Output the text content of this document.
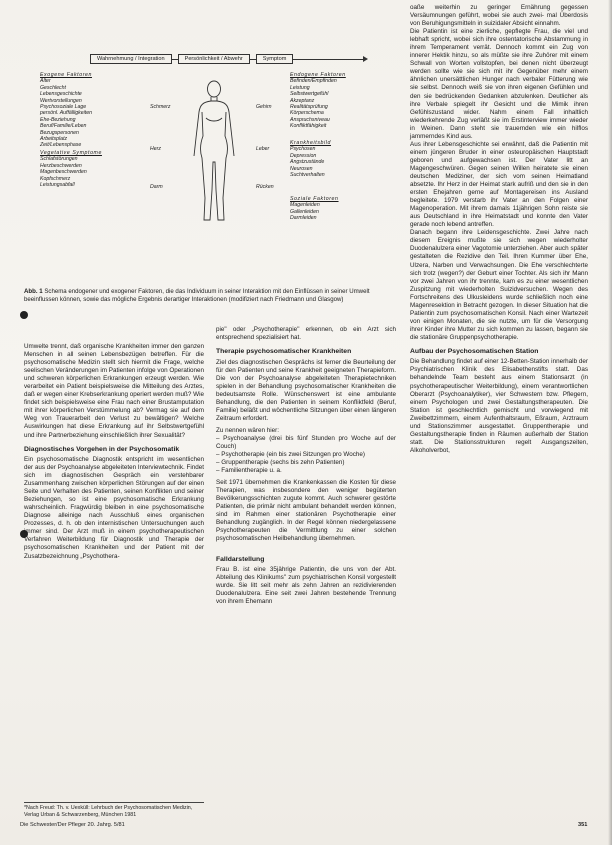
Wahrnehmung / Integration	Persönlichkeit / Abwehr	Symptom
Exogene Faktoren
Alter
Geschlecht
Lebensgeschichte
Wertvorstellungen
Psychosoziale Lage
persönl. Auffälligkeiten
Ehe-Beziehung
Beruf/Familie/Leben
Bezugspersonen
Arbeitsplatz
Zeit/Lebensphase
Vegetative Symptome
Schlafstörungen
Herzbeschwerden
Magenbeschwerden
Kopfschmerz
Leistungsabfall
Endogene Faktoren
Befinden/Empfinden
Leistung
Selbstwertgefühl
Akzeptanz
Realitätsprüfung
Körperschema
Anspruchsniveau
Konfliktfähigkeit
Krankheitsbild
Psychosen
Depression
Angstzustände
Neurosen
Suchtverhalten
Soziale Faktoren
Magenleiden
Gallenleiden
Darmleiden
Schmerz	Gehirn
Herz	Leber
Darm	Rücken
Abb. 1 Schema endogener und exogener Faktoren, die das Individuum in seiner Interaktion mit den Einflüssen in seiner Umwelt beeinflussen können, sowie das mögliche Ergebnis derartiger Interaktionen (modifiziert nach Friedmann und Glasgow)

Umwelte trennt, daß organische Krankheiten immer den ganzen Menschen in all seinen Lebensbezügen betreffen. Für die psychosomatische Medizin stellt sich hiermit die Frage, welche seelischen Veränderungen im Patienten infolge von Operationen und schweren körperlichen Erkrankungen erzeugt werden. Wie verarbeitet ein Patient beispielsweise die Mitteilung des Arztes, daß er wegen einer Krebserkrankung operiert werden muß? Wie findet sich beispielsweise eine Frau nach einer Brustamputation mit ihrer körperlichen Verstümmelung ab? Vermag sie auf dem Weg von Trauerarbeit den Verlust zu bewältigen? Welche Auswirkungen hat diese Erkrankung auf ihr Selbstwertgefühl und ihre Partnerbeziehung einschließlich ihrer Sexualität?

Diagnostisches Vorgehen in der Psychosomatik

Ein psychosomatische Diagnostik entspricht im wesentlichen der aus der Psychoanalyse abgeleiteten Interviewtechnik. Findet sich im diagnostischen Gespräch ein verstehbarer Zusammenhang zwischen körperlichen Störungen auf der einen Seite und Verhalten des Patienten, seinen Konflikten und seiner Beziehungen, so ist eine psychosomatische Erkrankung wahrscheinlich. Fragwürdig bleiben in eine psychosomatische Diagnose alleinige nach Ausschluß eines organischen Prozesses, d. h. ob den internistischen Untersuchungen auch immer sind. Der Arzt muß in einem psychotherapeutischen Verfahren Weiterbildung für Diagnostik und Therapie der psychosomatischen Krankheiten und der Patient mit der Zusatzbezeichnung „Psychothera-

pie" oder „Psychotherapie" erkennen, ob ein Arzt sich entsprechend spezialisiert hat.

Therapie psychosomatischer Krankheiten

Ziel des diagnostischen Gesprächs ist ferner die Beurteilung der für den Patienten und seine Krankheit geeigneten Therapieform. Die von der Psychoanalyse abgeleiteten Therapietechniken spielen in der Behandlung psychosomatischer Krankheiten die bedeutsamste Rolle. Wünschenswert ist eine ambulante Behandlung, die den Patienten in seinem Konfliktfeld (Beruf, Familie) beläßt und wöchentliche Sitzungen über einen längeren Zeitraum erfordert.

Zu nennen wären hier:

– Psychoanalyse (drei bis fünf Stunden pro Woche auf der Couch)
– Psychotherapie (ein bis zwei Sitzungen pro Woche)
– Gruppentherapie (sechs bis zehn Patienten)
– Familientherapie u. a.

Seit 1971 übernehmen die Krankenkassen die Kosten für diese Therapien, was insbesondere den weniger begüterten Bevölkerungsschichten zugute kommt. Auch schwerer gestörte Patienten, die primär nicht ambulant behandelt werden können, sind im Rahmen einer stationären Psychotherapie einer Behandlung zugänglich. In der Regel können niedergelassene Psychotherapeuten die Vermittlung zu einer solchen psychosomatischen Heilbehandlung übernehmen.

Falldarstellung

Frau B. ist eine 35jährige Patientin, die uns von der Abt. Abteilung des Klinikums" zum psychiatrischen Konsil vorgestellt wurde. Sie litt seit mehr als zehn Jahren an rezidivierenden Duodenalulzera. Eine seit zwei Jahren bestehende Trennung von ihrem Ehemann

oaße weiterhin zu geringer Ernährung gegessen Versäumnungen geführt, wobei sie auch zwei- mal Überdosis von Beruhigungsmitteln in suizidaler Absicht einnahm.

Die Patientin ist eine zierliche, gepflegte Frau, die viel und lebhaft spricht, wobei sich ihre ostentatorische Abstammung in ihrem Temperament verrät. Dennoch kommt ein Zug von innerer Hektik hinzu, so als müßte sie ihre Zuhörer mit einem Schwall von Worten vollstopfen, bei denen nicht überzeugt werden sollte wie sie sich mit ihr Gegenüber mehr einem ähnlichen unersättlichen Hunger nach verbaler Fütterung wie sie selbst. Dennoch weiß sie von ihren eigenen Gefühlen und den sie bedrückenden Gedanken abzulenken. Deutlicher als ihre Verbale spiegelt ihr Gesicht und die Mimik ihren Gefühlszustand wider. Nahm einem Fall inhaltlich wiederkehrende Zug verläßt sie im Erstinterview immer wieder in Weinen. Dann steht sie trauernden wie ein hilflos jammerndes Kind aus.

Aus ihrer Lebensgeschichte sei erwähnt, daß die Patientin mit einem jüngeren Bruder in einer osteuropäischen Hauptstadt geboren und aufgewachsen ist. Der Vater litt an Magengeschwüren. Gegen seinen Willen heiratete sie einen deutschen Mediziner, der sich vom seinen Heimatland absetzte. Ihr Herz in der Heimat stark aufriß und den sie in den ersten Ehejahren gerne auf Montagereisen ins Ausland begleitete. 1979 verstarb ihr Vater an den Folgen einer Magenoperation. Mit ihrem damals 11jährigen Sohn reiste sie aus Deutschland in ihre Heimatstadt und konnte den Vater gerade noch lebend antreffen.

Danach begann ihre Leidensgeschichte. Zwei Jahre nach diesem Ereignis mußte sie sich wegen wiederholter Duodenalulzera einer Vagotomie unterziehen. Aber auch später gestalteten die Rezidive den Teil. Ihren Kummer über Ehe, Ulzera, Narben und Verwachsungen. Die Ehe verschlechterte sich trotz (wegen?) der Geburt einer Tochter. Als sich ihr Mann vor zwei Jahren von ihr trennte, kam es zu einer wesentlichen Zuspitzung mit wiederholten Suizidversuchen. Wegen des Fortschreitens des Ulkusleidens wurde schließlich noch eine Magenresektion in Betracht gezogen. In dieser Situation hat die Patientin zum psychosomatischen Konsil. Nach einer Wartezeit von einigen Monaten, die sie nutzte, um für die Versorgung ihrer Kinder ihre Mutter zu sich kommen zu lassen, begann sie die stationäre Gruppenpsychotherapie.

Aufbau der Psychosomatischen Station

Die Behandlung findet auf einer 12-Betten-Station innerhalb der Psychiatrischen Klinik des Elisabethenstifts statt. Das behandelnde Team besteht aus einem Stationsarzt (in psychotherapeutischer Weiterbildung), einem verantwortlichen Oberarzt (Psychoanalytiker), vier Schwestern bzw. Pflegern, einem Psychologen und zwei Gestaltungstherapeuten. Die Station ist geschlechtlich gemischt und vorwiegend mit Zweibettzimmern, einem Aufenthaltsraum, Eßraum, Arztraum und Stationszimmer ausgestattet. Gruppentherapie und Gestaltungstherapie finden in Räumen außerhalb der Station statt. Die Stationsstrukturen regelt Ausgangszeiten, Alkoholverbot,

*Nach Freud: Th. v. Uexküll: Lehrbuch der Psychosomatischen Medizin, Verlag Urban & Schwarzenberg, München 1981
Die Schwester/Der Pfleger 20. Jahrg. 5/81	351
